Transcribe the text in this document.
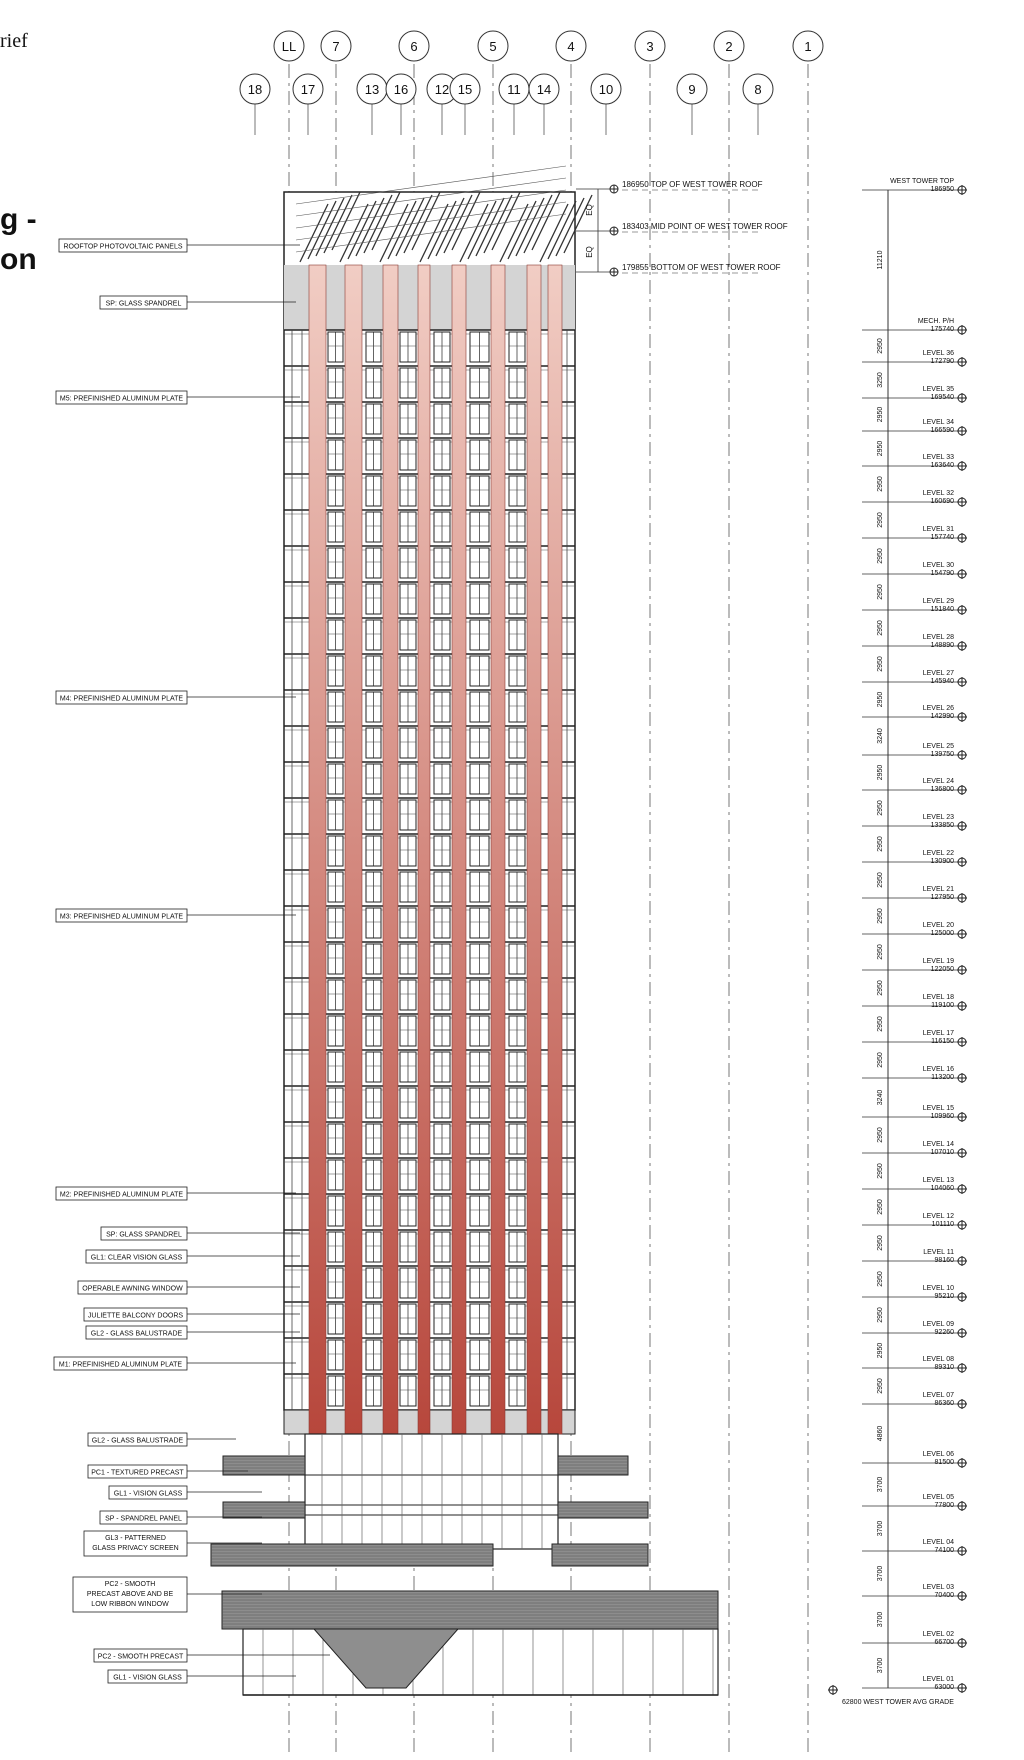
rief
g -
on
LL	7	6	5	4	3	2	1
18	17	13 16 12 15	11 14	10	9	8
186950 TOP OF WEST TOWER ROOF
183403 MID POINT OF WEST TOWER ROOF
179855 BOTTOM OF WEST TOWER ROOF
EQ
EQ
ROOFTOP PHOTOVOLTAIC PANELS
SP: GLASS SPANDREL
M5: PREFINISHED ALUMINUM PLATE
M4: PREFINISHED ALUMINUM PLATE
M3: PREFINISHED ALUMINUM PLATE
M2: PREFINISHED ALUMINUM PLATE
SP: GLASS SPANDREL
GL1: CLEAR VISION GLASS
OPERABLE AWNING WINDOW
JULIETTE BALCONY DOORS
GL2 - GLASS BALUSTRADE
M1: PREFINISHED ALUMINUM PLATE
GL2 - GLASS BALUSTRADE
PC1 - TEXTURED PRECAST
GL1 - VISION GLASS
SP - SPANDREL PANEL
GL3 - PATTERNED GLASS PRIVACY SCREEN
PC2 - SMOOTH PRECAST ABOVE AND BE LOW RIBBON WINDOW
PC2 - SMOOTH PRECAST
GL1 - VISION GLASS
WEST TOWER TOP
186950
MECH. P/H
175740
LEVEL 36
172790
LEVEL 35
169540
LEVEL 34
166590
LEVEL 33
163640
LEVEL 32
160690
LEVEL 31
157740
LEVEL 30
154790
LEVEL 29
151840
LEVEL 28
148890
LEVEL 27
145940
LEVEL 26
142990
LEVEL 25
139750
LEVEL 24
136800
LEVEL 23
133850
LEVEL 22
130900
LEVEL 21
127950
LEVEL 20
125000
LEVEL 19
122050
LEVEL 18
119100
LEVEL 17
116150
LEVEL 16
113200
LEVEL 15
109960
LEVEL 14
107010
LEVEL 13
104060
LEVEL 12
101110
LEVEL 11
98160
LEVEL 10
95210
LEVEL 09
92260
LEVEL 08
89310
LEVEL 07
86360
LEVEL 06
81500
LEVEL 05
77800
LEVEL 04
74100
LEVEL 03
70400
LEVEL 02
66700
LEVEL 01
63000
11210
2950
3250
2950
2950
2950
2950
2950
2950
2950
2950
2950
3240
2950
2950
2950
2950
2950
2950
2950
2950
2950
3240
2950
2950
2950
2950
2950
2950
2950
2950
4860
3700
3700
3700
3700
3700
62800 WEST TOWER AVG GRADE
